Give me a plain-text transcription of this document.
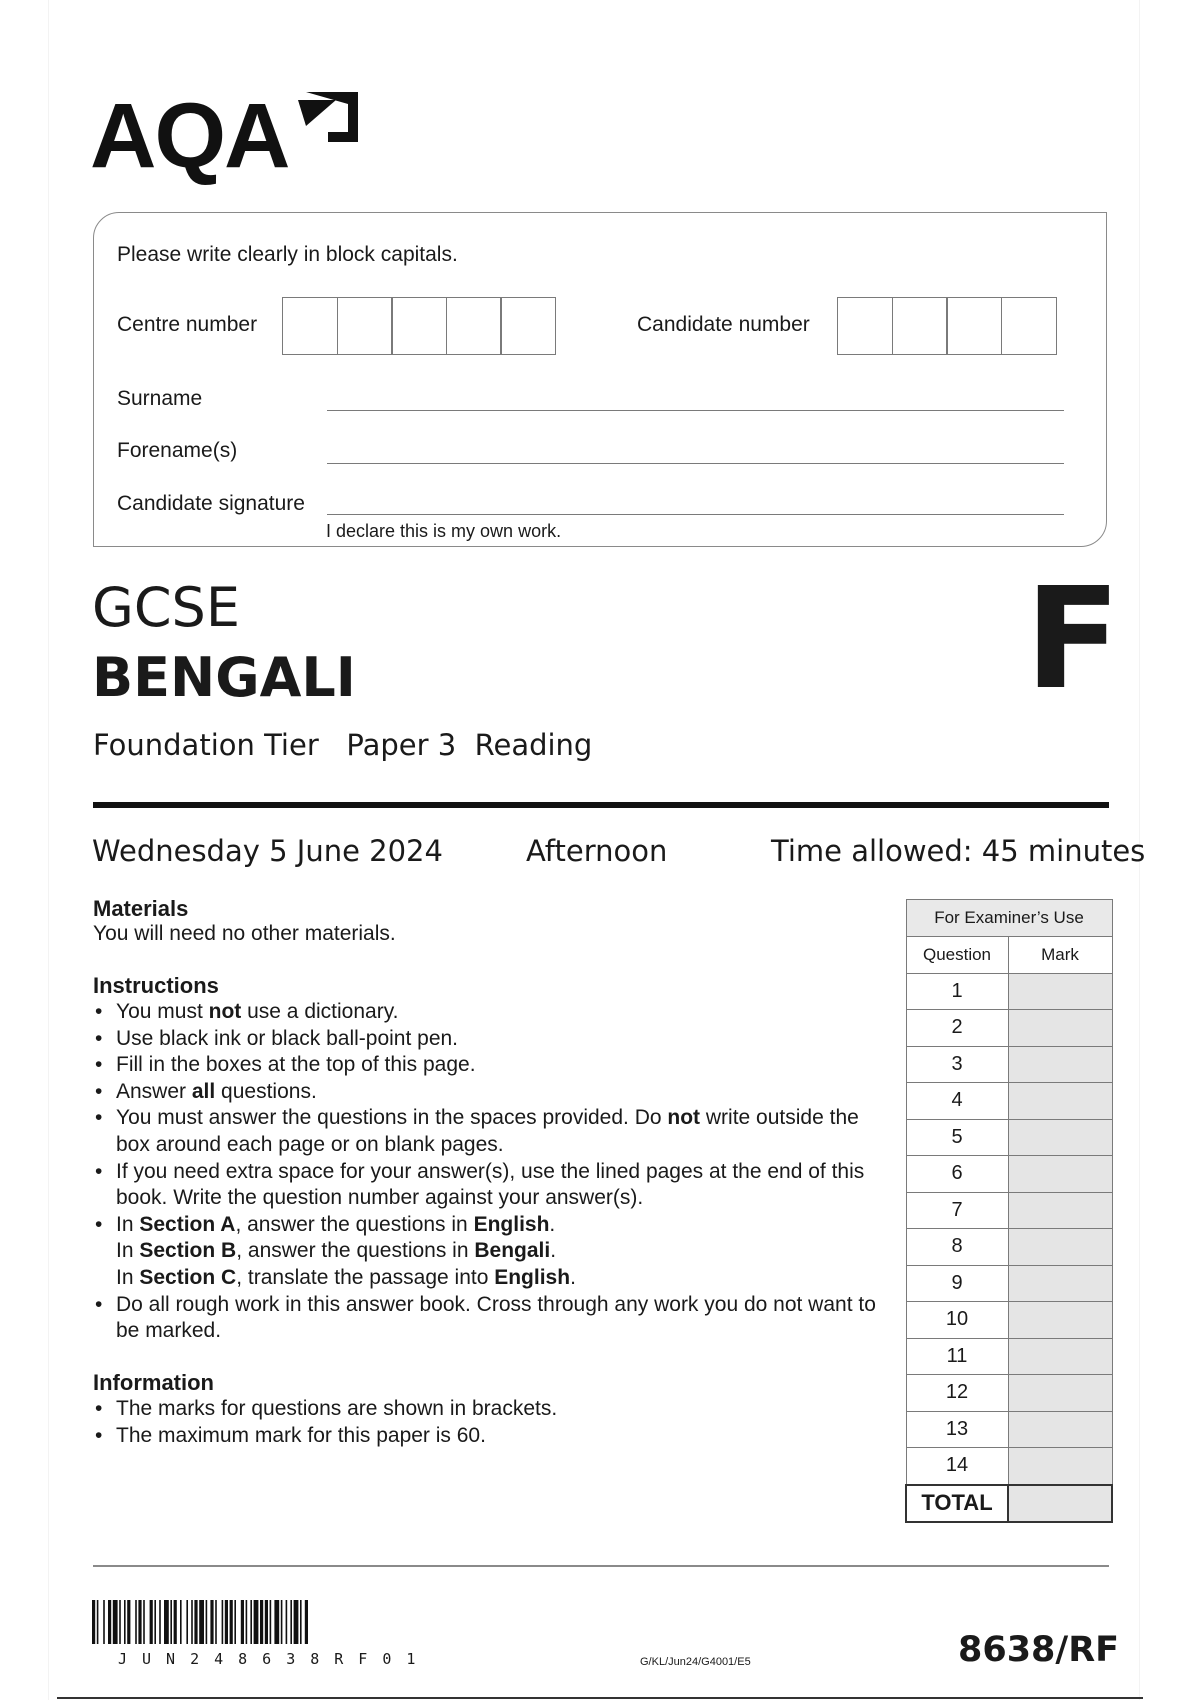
AQA
Please write clearly in block capitals.
Centre number	Candidate number
Surname
Forename(s)
Candidate signature
I declare this is my own work.
GCSE
BENGALI	F
Foundation Tier   Paper 3  Reading
Wednesday 5 June 2024	Afternoon	Time allowed: 45 minutes
Materials
You will need no other materials.
Instructions
• You must not use a dictionary.
• Use black ink or black ball-point pen.
• Fill in the boxes at the top of this page.
• Answer all questions.
• You must answer the questions in the spaces provided. Do not write outside the box around each page or on blank pages.
• If you need extra space for your answer(s), use the lined pages at the end of this book. Write the question number against your answer(s).
• In Section A, answer the questions in English.
In Section B, answer the questions in Bengali.
In Section C, translate the passage into English.
• Do all rough work in this answer book. Cross through any work you do not want to be marked.
Information
• The marks for questions are shown in brackets.
• The maximum mark for this paper is 60.
For Examiner’s Use	
Question	Mark
1	
2	
3	
4	
5	
6	
7	
8	
9	
10	
11	
12	
13	
14	
TOTAL	
JUN248638RF01	G/KL/Jun24/G4001/E5	8638/RF
